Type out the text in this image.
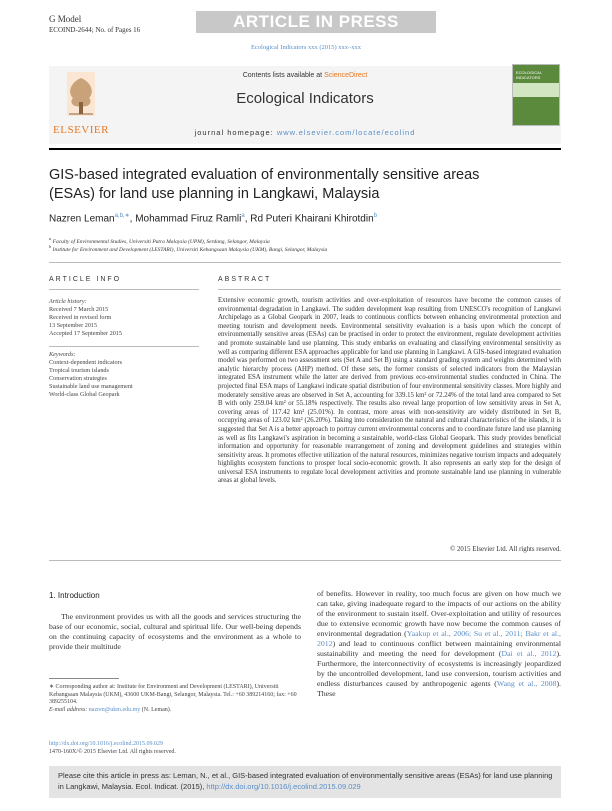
G Model
ECOIND-2644; No. of Pages 16	ARTICLE IN PRESS
Ecological Indicators xxx (2015) xxx–xxx
ELSEVIER
Contents lists available at ScienceDirect
Ecological Indicators
journal homepage: www.elsevier.com/locate/ecolind
ECOLOGICAL INDICATORS
GIS-based integrated evaluation of environmentally sensitive areas
(ESAs) for land use planning in Langkawi, Malaysia
Nazren Leman$^{a,b,∗}$, Mohammad Firuz Ramli$^a$, Rd Puteri Khairani Khirotdin$^b$
$^a$ Faculty of Environmental Studies, Universiti Putra Malaysia (UPM), Serdang, Selangor, Malaysia
$^b$ Institute for Environment and Development (LESTARI), Universiti Kebangsaan Malaysia (UKM), Bangi, Selangor, Malaysia
ARTICLE INFO
Article history:
Received 7 March 2015
Received in revised form
13 September 2015
Accepted 17 September 2015
Keywords:
Context-dependent indicators
Tropical tourism islands
Conservation strategies
Sustainable land use management
World-class Global Geopark
ABSTRACT
Extensive economic growth, tourism activities and over-exploitation of resources have become the common causes of environmental degradation in Langkawi. The sudden development leap resulting from UNESCO's recognition of Langkawi Archipelago as a Global Geopark in 2007, leads to continuous conflicts between enhancing environmental protection and meeting tourism and development needs. Environmental sensitivity evaluation is a basis upon which the concept of environmentally sensitive areas (ESAs) can be practised in order to protect the environment, regulate development activities and promote sustainable land use planning. This study embarks on evaluating and classifying environmental sensitivity as well as comparing different ESA approaches applicable for land use planning in Langkawi. A GIS-based integrated evaluation model was performed on two assessment sets (Set A and Set B) using a standard grading system and weights determined with analytic hierarchy process (AHP) method. Of these sets, the former consists of selected indicators from the Malaysian integrated ESA instrument while the latter are derived from previous eco-environmental studies conducted in China. The projected final ESA maps of Langkawi indicate spatial distribution of four environmental sensitivity classes. More highly and moderately sensitive areas are observed in Set A, accounting for 339.15 km² or 72.24% of the total land area compared to Set B with only 259.04 km² or 55.18% respectively. The results also reveal large proportion of low sensitivity areas in Set A, covering areas of 117.42 km² (25.01%). In contrast, more areas with non-sensitivity are widely distributed in Set B, occupying areas of 123.02 km² (26.20%). Taking into consideration the natural and cultural characteristics of the islands, it is suggested that Set A is a better approach to portray current environmental concerns and to coordinate future land use planning as well as fits Langkawi's aspiration in becoming a sustainable, world-class Global Geopark. This study provides beneficial information and opportunity for reasonable rearrangement of zoning and development guidelines and strategies within sensitivity areas. It promotes effective utilization of the natural resources, minimizes negative tourism impacts and adequately highlights ecosystem functions to prosper local socio-economic growth. It also represents an early step for the design of universal ESA instruments to regulate local development activities and promote sustainable land use planning in vulnerable areas at global levels.
© 2015 Elsevier Ltd. All rights reserved.
1. Introduction
The environment provides us with all the goods and services structuring the base of our economic, social, cultural and spiritual life. Our well-being depends on the continuing capacity of ecosystems and the environment as a whole to provide their multitude
of benefits. However in reality, too much focus are given on how much we can take, giving inadequate regard to the impacts of our actions on the ability of the environment to sustain itself. Over-exploitation and utility of resources due to extensive economic growth have now become the common causes of environmental degradation (Yaakup et al., 2006; Su et al., 2011; Bakr et al., 2012) and lead to continuous conflict between maintaining environmental sustainability and meeting the need for development (Dai et al., 2012). Furthermore, the interconnectivity of ecosystems is increasingly jeopardized by the uncontrolled development, land use conversion, tourism activities and endless disturbances caused by anthropogenic agents (Wang et al., 2008). These
∗ Corresponding author at: Institute for Environment and Development (LESTARI), Universiti Kebangsaan Malaysia (UKM), 43600 UKM-Bangi, Selangor, Malaysia. Tel.: +60 389214160; fax: +60 389255104.
E-mail address: nazren@ukm.edu.my (N. Leman).
http://dx.doi.org/10.1016/j.ecolind.2015.09.029
1470-160X/© 2015 Elsevier Ltd. All rights reserved.
Please cite this article in press as: Leman, N., et al., GIS-based integrated evaluation of environmentally sensitive areas (ESAs) for land use planning in Langkawi, Malaysia. Ecol. Indicat. (2015), http://dx.doi.org/10.1016/j.ecolind.2015.09.029
